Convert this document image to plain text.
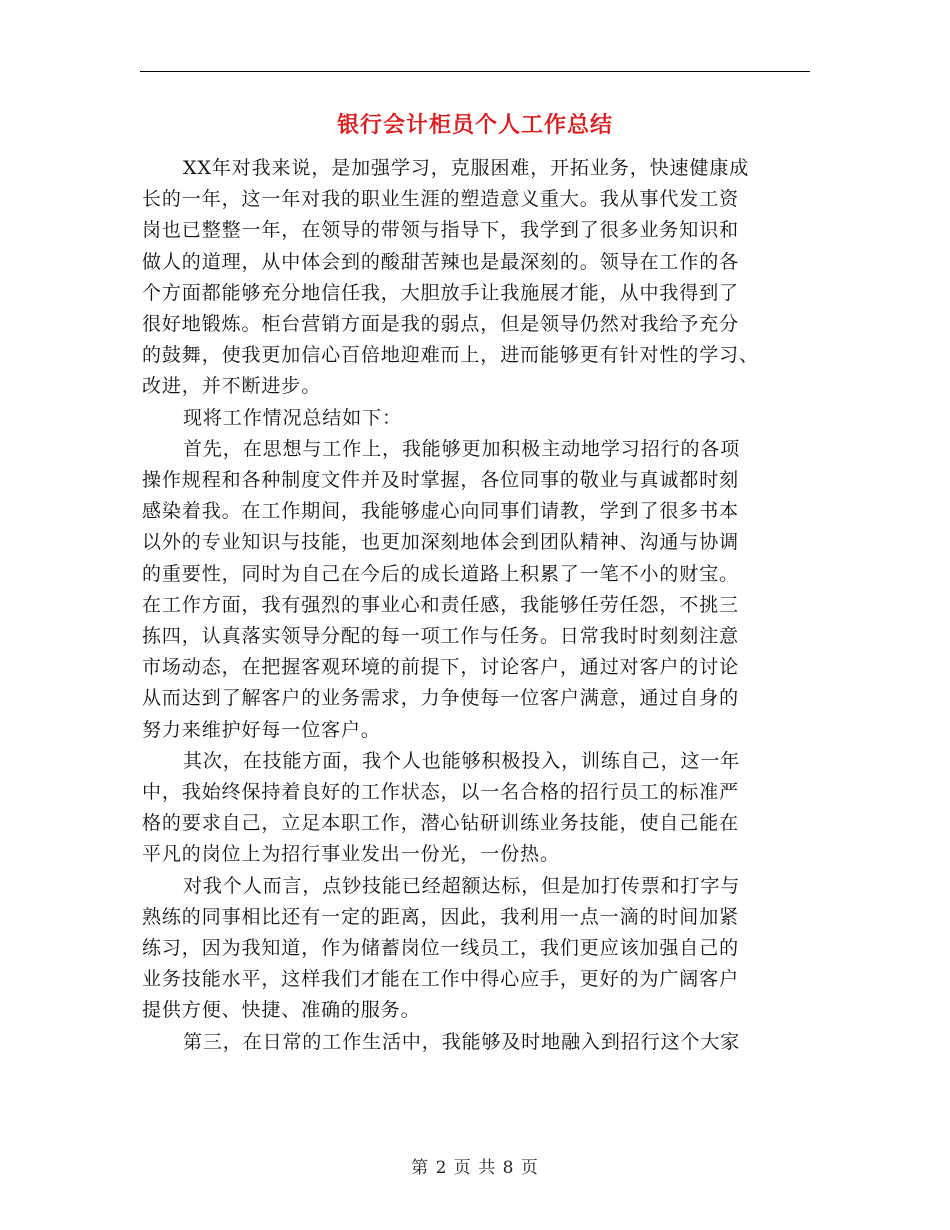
银行会计柜员个人工作总结

XX年对我来说，是加强学习，克服困难，开拓业务，快速健康成
长的一年，这一年对我的职业生涯的塑造意义重大。我从事代发工资
岗也已整整一年，在领导的带领与指导下，我学到了很多业务知识和
做人的道理，从中体会到的酸甜苦辣也是最深刻的。领导在工作的各
个方面都能够充分地信任我，大胆放手让我施展才能，从中我得到了
很好地锻炼。柜台营销方面是我的弱点，但是领导仍然对我给予充分
的鼓舞，使我更加信心百倍地迎难而上，进而能够更有针对性的学习、
改进，并不断进步。

现将工作情况总结如下：

首先，在思想与工作上，我能够更加积极主动地学习招行的各项
操作规程和各种制度文件并及时掌握，各位同事的敬业与真诚都时刻
感染着我。在工作期间，我能够虚心向同事们请教，学到了很多书本
以外的专业知识与技能，也更加深刻地体会到团队精神、沟通与协调
的重要性，同时为自己在今后的成长道路上积累了一笔不小的财宝。
在工作方面，我有强烈的事业心和责任感，我能够任劳任怨，不挑三
拣四，认真落实领导分配的每一项工作与任务。日常我时时刻刻注意
市场动态，在把握客观环境的前提下，讨论客户，通过对客户的讨论
从而达到了解客户的业务需求，力争使每一位客户满意，通过自身的
努力来维护好每一位客户。

其次，在技能方面，我个人也能够积极投入，训练自己，这一年
中，我始终保持着良好的工作状态，以一名合格的招行员工的标准严
格的要求自己，立足本职工作，潜心钻研训练业务技能，使自己能在
平凡的岗位上为招行事业发出一份光，一份热。

对我个人而言，点钞技能已经超额达标，但是加打传票和打字与
熟练的同事相比还有一定的距离，因此，我利用一点一滴的时间加紧
练习，因为我知道，作为储蓄岗位一线员工，我们更应该加强自己的
业务技能水平，这样我们才能在工作中得心应手，更好的为广阔客户
提供方便、快捷、准确的服务。

第三，在日常的工作生活中，我能够及时地融入到招行这个大家

第 2 页 共 8 页
